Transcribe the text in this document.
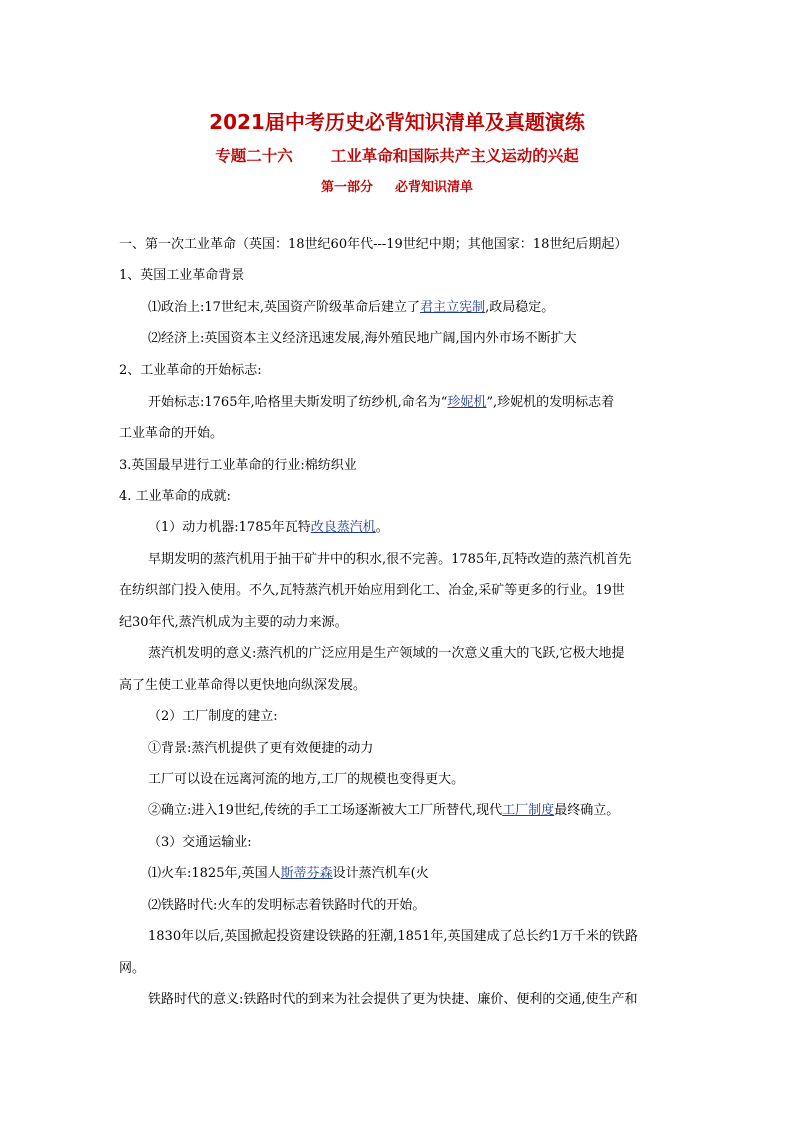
2021届中考历史必背知识清单及真题演练
专题二十六 工业革命和国际共产主义运动的兴起
第一部分 必背知识清单
一、第一次工业革命（英国：18世纪60年代---19世纪中期；其他国家：18世纪后期起）
1、英国工业革命背景
⑴政治上:17世纪末,英国资产阶级革命后建立了君主立宪制,政局稳定。
⑵经济上:英国资本主义经济迅速发展,海外殖民地广阔,国内外市场不断扩大
2、工业革命的开始标志:
开始标志:1765年,哈格里夫斯发明了纺纱机,命名为“珍妮机”,珍妮机的发明标志着
工业革命的开始。
3.英国最早进行工业革命的行业:棉纺织业
4. 工业革命的成就:
（1）动力机器:1785年瓦特改良蒸汽机。
早期发明的蒸汽机用于抽干矿井中的积水,很不完善。1785年,瓦特改造的蒸汽机首先
在纺织部门投入使用。不久,瓦特蒸汽机开始应用到化工、冶金,采矿等更多的行业。19世
纪30年代,蒸汽机成为主要的动力来源。
蒸汽机发明的意义:蒸汽机的广泛应用是生产领域的一次意义重大的飞跃,它极大地提
高了生使工业革命得以更快地向纵深发展。
（2）工厂制度的建立:
①背景:蒸汽机提供了更有效便捷的动力
工厂可以设在远离河流的地方,工厂的规模也变得更大。
②确立:进入19世纪,传统的手工工场逐渐被大工厂所替代,现代工厂制度最终确立。
（3）交通运输业:
⑴火车:1825年,英国人斯蒂芬森设计蒸汽机车(火
⑵铁路时代:火车的发明标志着铁路时代的开始。
1830年以后,英国掀起投资建设铁路的狂潮,1851年,英国建成了总长约1万千米的铁路
网。
铁路时代的意义:铁路时代的到来为社会提供了更为快捷、廉价、便利的交通,使生产和
